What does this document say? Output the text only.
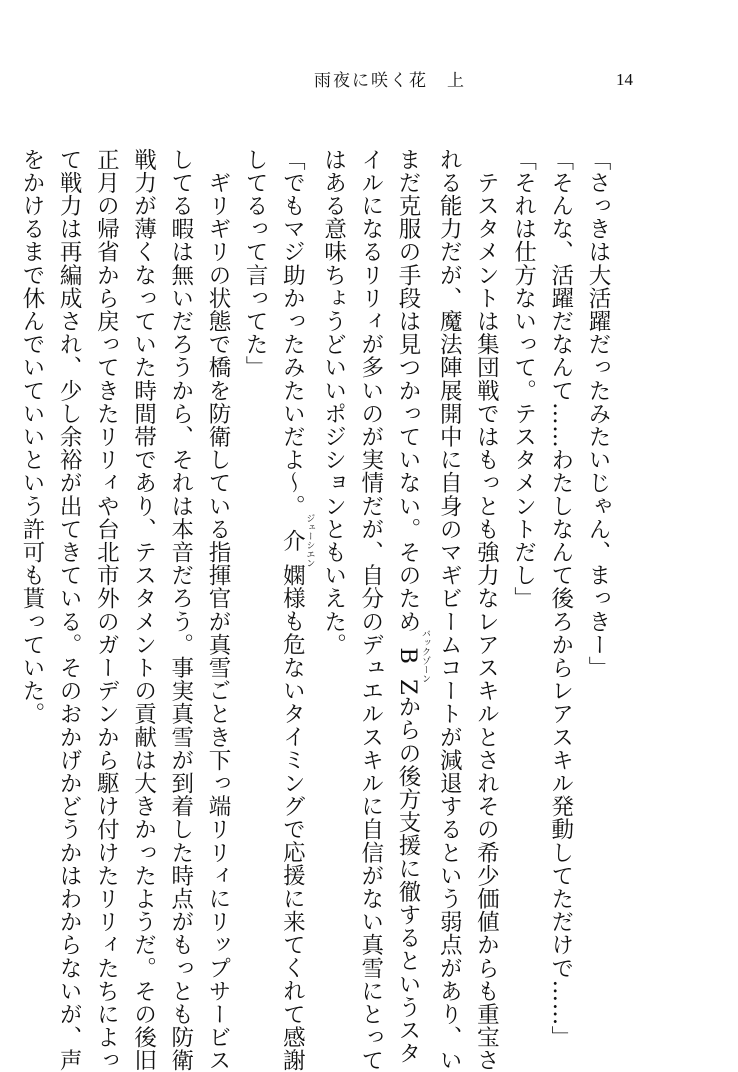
雨夜に咲く花　上	14
「さっきは大活躍だったみたいじゃん、まっきー」
「そんな、活躍だなんて……わたしなんて後ろからレアスキル発動してただけで……」
「それは仕方ないって。テスタメントだし」
　テスタメントは集団戦ではもっとも強力なレアスキルとされその希少価値からも重宝さ
れる能力だが、魔法陣展開中に自身のマギビームコートが減退するという弱点があり、い
まだ克服の手段は見つかっていない。そのためB バックゾーンZからの後方支援に徹するというスタ
イルになるリリィが多いのが実情だが、自分のデュエルスキルに自信がない真雪にとって
はある意味ちょうどいいポジションともいえた。
「でもマジ助かったみたいだよ〜。介 ジェーシエン嫻様も危ないタイミングで応援に来てくれて感謝
してるって言ってた」
　ギリギリの状態で橋を防衛している指揮官が真雪ごとき下っ端リリィにリップサービス
してる暇は無いだろうから、それは本音だろう。事実真雪が到着した時点がもっとも防衛
戦力が薄くなっていた時間帯であり、テスタメントの貢献は大きかったようだ。その後旧
正月の帰省から戻ってきたリリィや台北市外のガーデンから駆け付けたリリィたちによっ
て戦力は再編成され、少し余裕が出てきている。そのおかげかどうかはわからないが、声
をかけるまで休んでいていいという許可も貰っていた。
